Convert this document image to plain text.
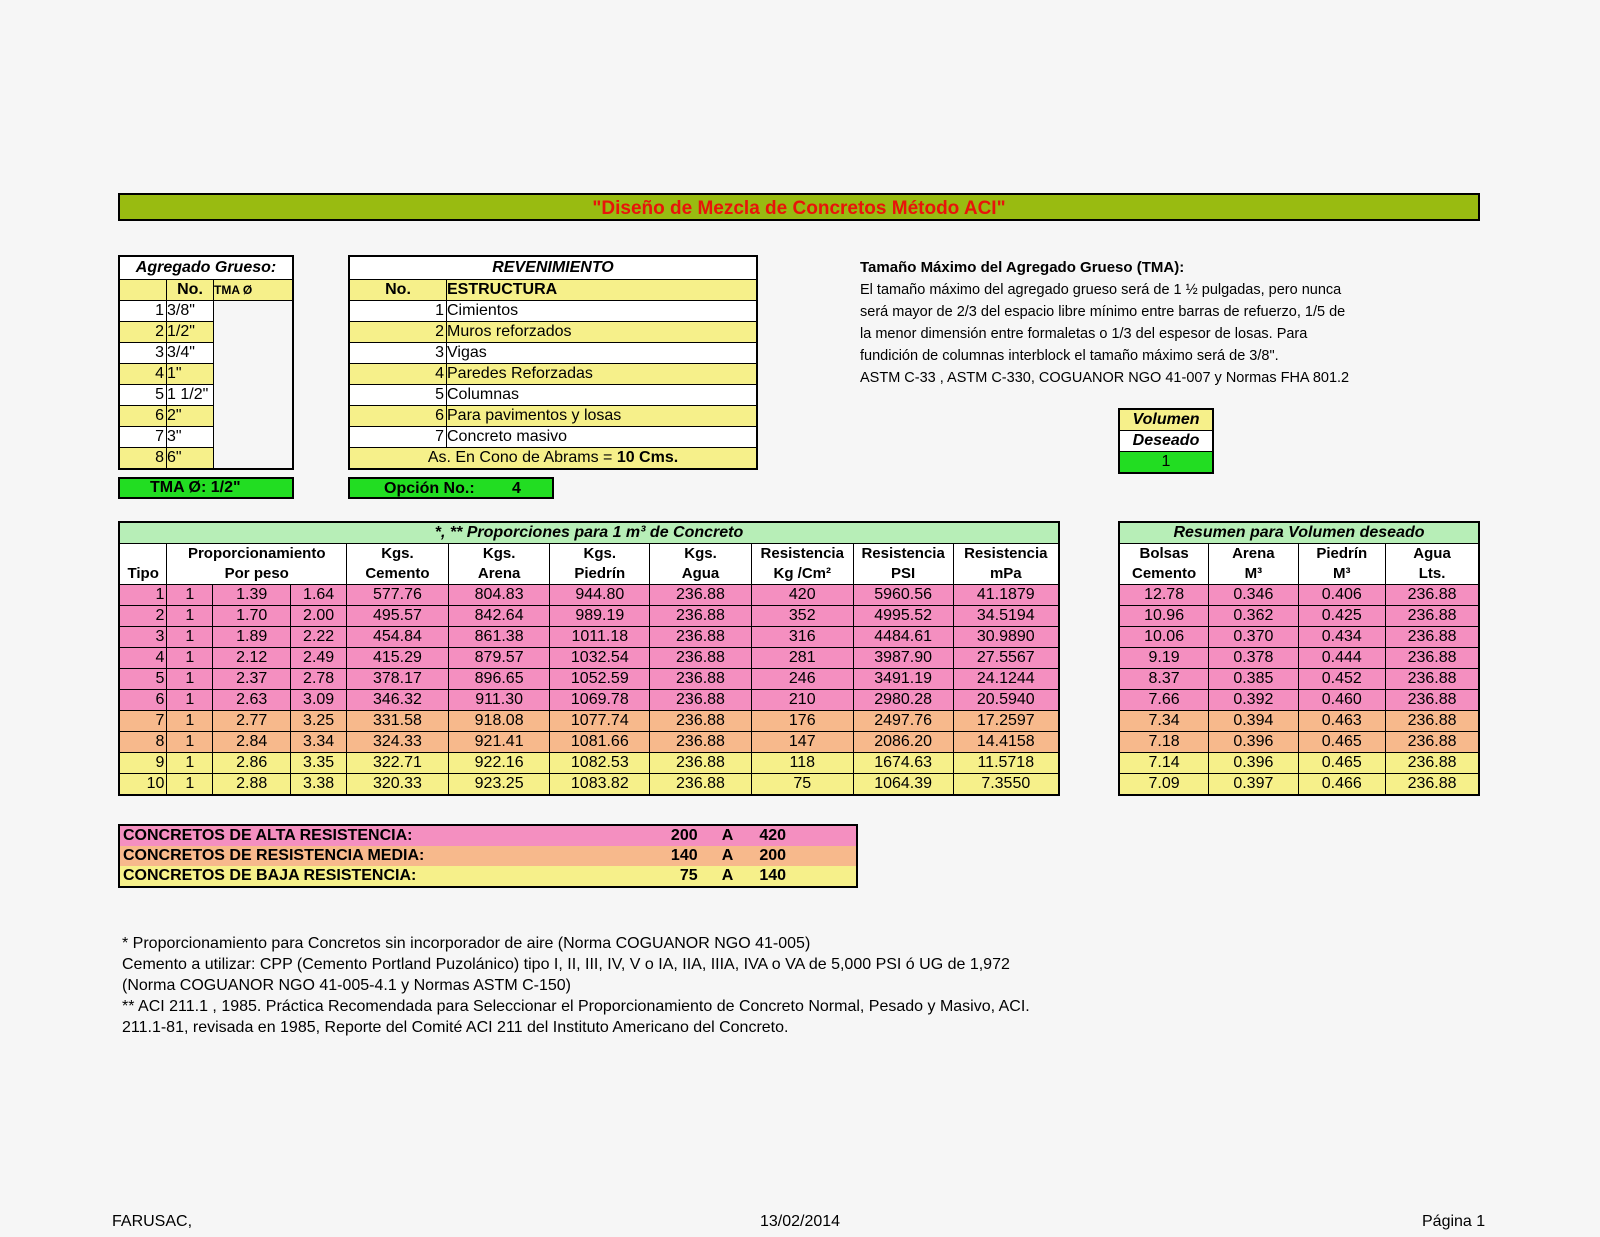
"Diseño de Mezcla de Concretos Método ACI"
Agregado Grueso:		
	No.	TMA Ø
1	3/8"	
2	1/2"	
3	3/4"	
4	1"	
5	1 1/2"	
6	2"	
7	3"	
8	6"	
TMA Ø: 1/2"
REVENIMIENTO	
No.	ESTRUCTURA
1	Cimientos
2	Muros reforzados
3	Vigas
4	Paredes Reforzadas
5	Columnas
6	Para pavimentos y losas
7	Concreto masivo
As. En Cono de Abrams = 10 Cms.	
Opción No.: 4
Tamaño Máximo del Agregado Grueso (TMA):
El tamaño máximo del agregado grueso será de 1 ½ pulgadas, pero nunca
será mayor de 2/3 del espacio libre mínimo entre barras de refuerzo, 1/5 de
la menor dimensión entre formaletas o 1/3 del espesor de losas. Para
fundición de columnas interblock el tamaño máximo será de 3/8".
ASTM C-33 , ASTM C-330, COGUANOR NGO 41-007 y Normas FHA 801.2
Volumen
Deseado
1
*, ** Proporciones para 1 m³ de Concreto										
Tipo	Proporcionamiento			Kgs.	Kgs.	Kgs.	Kgs.	Resistencia	Resistencia	Resistencia
	Por peso			Cemento	Arena	Piedrín	Agua	Kg /Cm²	PSI	mPa
1	1	1.39	1.64	577.76	804.83	944.80	236.88	420	5960.56	41.1879
2	1	1.70	2.00	495.57	842.64	989.19	236.88	352	4995.52	34.5194
3	1	1.89	2.22	454.84	861.38	1011.18	236.88	316	4484.61	30.9890
4	1	2.12	2.49	415.29	879.57	1032.54	236.88	281	3987.90	27.5567
5	1	2.37	2.78	378.17	896.65	1052.59	236.88	246	3491.19	24.1244
6	1	2.63	3.09	346.32	911.30	1069.78	236.88	210	2980.28	20.5940
7	1	2.77	3.25	331.58	918.08	1077.74	236.88	176	2497.76	17.2597
8	1	2.84	3.34	324.33	921.41	1081.66	236.88	147	2086.20	14.4158
9	1	2.86	3.35	322.71	922.16	1082.53	236.88	118	1674.63	11.5718
10	1	2.88	3.38	320.33	923.25	1083.82	236.88	75	1064.39	7.3550
Resumen para Volumen deseado			
Bolsas	Arena	Piedrín	Agua
Cemento	M³	M³	Lts.
12.78	0.346	0.406	236.88
10.96	0.362	0.425	236.88
10.06	0.370	0.434	236.88
9.19	0.378	0.444	236.88
8.37	0.385	0.452	236.88
7.66	0.392	0.460	236.88
7.34	0.394	0.463	236.88
7.18	0.396	0.465	236.88
7.14	0.396	0.465	236.88
7.09	0.397	0.466	236.88
CONCRETOS DE ALTA RESISTENCIA:	200	A	420
CONCRETOS DE RESISTENCIA MEDIA:	140	A	200
CONCRETOS DE BAJA RESISTENCIA:	75	A	140
* Proporcionamiento para Concretos sin incorporador de aire (Norma COGUANOR NGO 41-005)
Cemento a utilizar: CPP (Cemento Portland Puzolánico) tipo I, II, III, IV, V o IA, IIA, IIIA, IVA o VA de 5,000 PSI ó UG de 1,972
(Norma COGUANOR NGO 41-005-4.1 y Normas ASTM C-150)
** ACI 211.1 , 1985. Práctica Recomendada para Seleccionar el Proporcionamiento de Concreto Normal, Pesado y Masivo, ACI.
211.1-81, revisada en 1985, Reporte del Comité ACI 211 del Instituto Americano del Concreto.
FARUSAC,	13/02/2014	Página 1
